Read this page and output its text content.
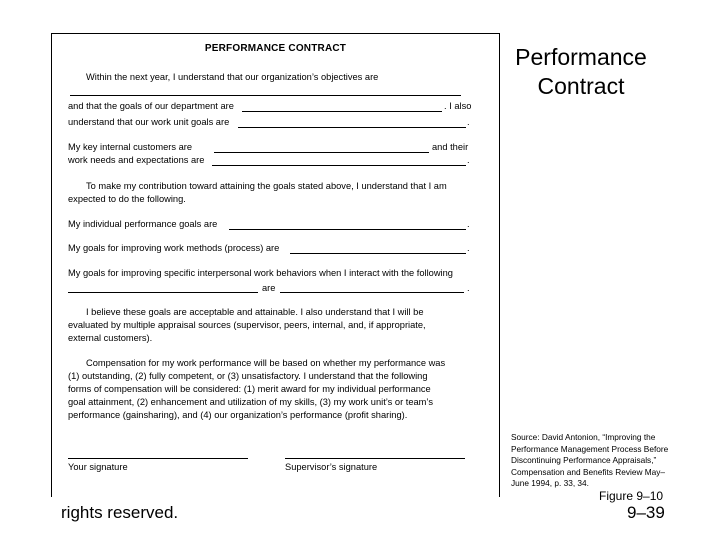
PERFORMANCE CONTRACT
Within the next year, I understand that our organization’s objectives are
and that the goals of our department are	. I also
understand that our work unit goals are	.
My key internal customers are	and their
work needs and expectations are	.
To make my contribution toward attaining the goals stated above, I understand that I am
expected to do the following.
My individual performance goals are	.
My goals for improving work methods (process) are	.
My goals for improving specific interpersonal work behaviors when I interact with the following
are	.
I believe these goals are acceptable and attainable. I also understand that I will be
evaluated by multiple appraisal sources (supervisor, peers, internal, and, if appropriate,
external customers).
Compensation for my work performance will be based on whether my performance was
(1) outstanding, (2) fully competent, or (3) unsatisfactory. I understand that the following
forms of compensation will be considered: (1) merit award for my individual performance
goal attainment, (2) enhancement and utilization of my skills, (3) my work unit’s or team’s
performance (gainsharing), and (4) our organization’s performance (profit sharing).
Your signature	Supervisor’s signature
Performance
Contract
Source: David Antonion, “Improving the
Performance Management Process Before
Discontinuing Performance Appraisals,”
Compensation and Benefits Review May–
June 1994, p. 33, 34.
Figure 9–10
rights reserved.	9–39
